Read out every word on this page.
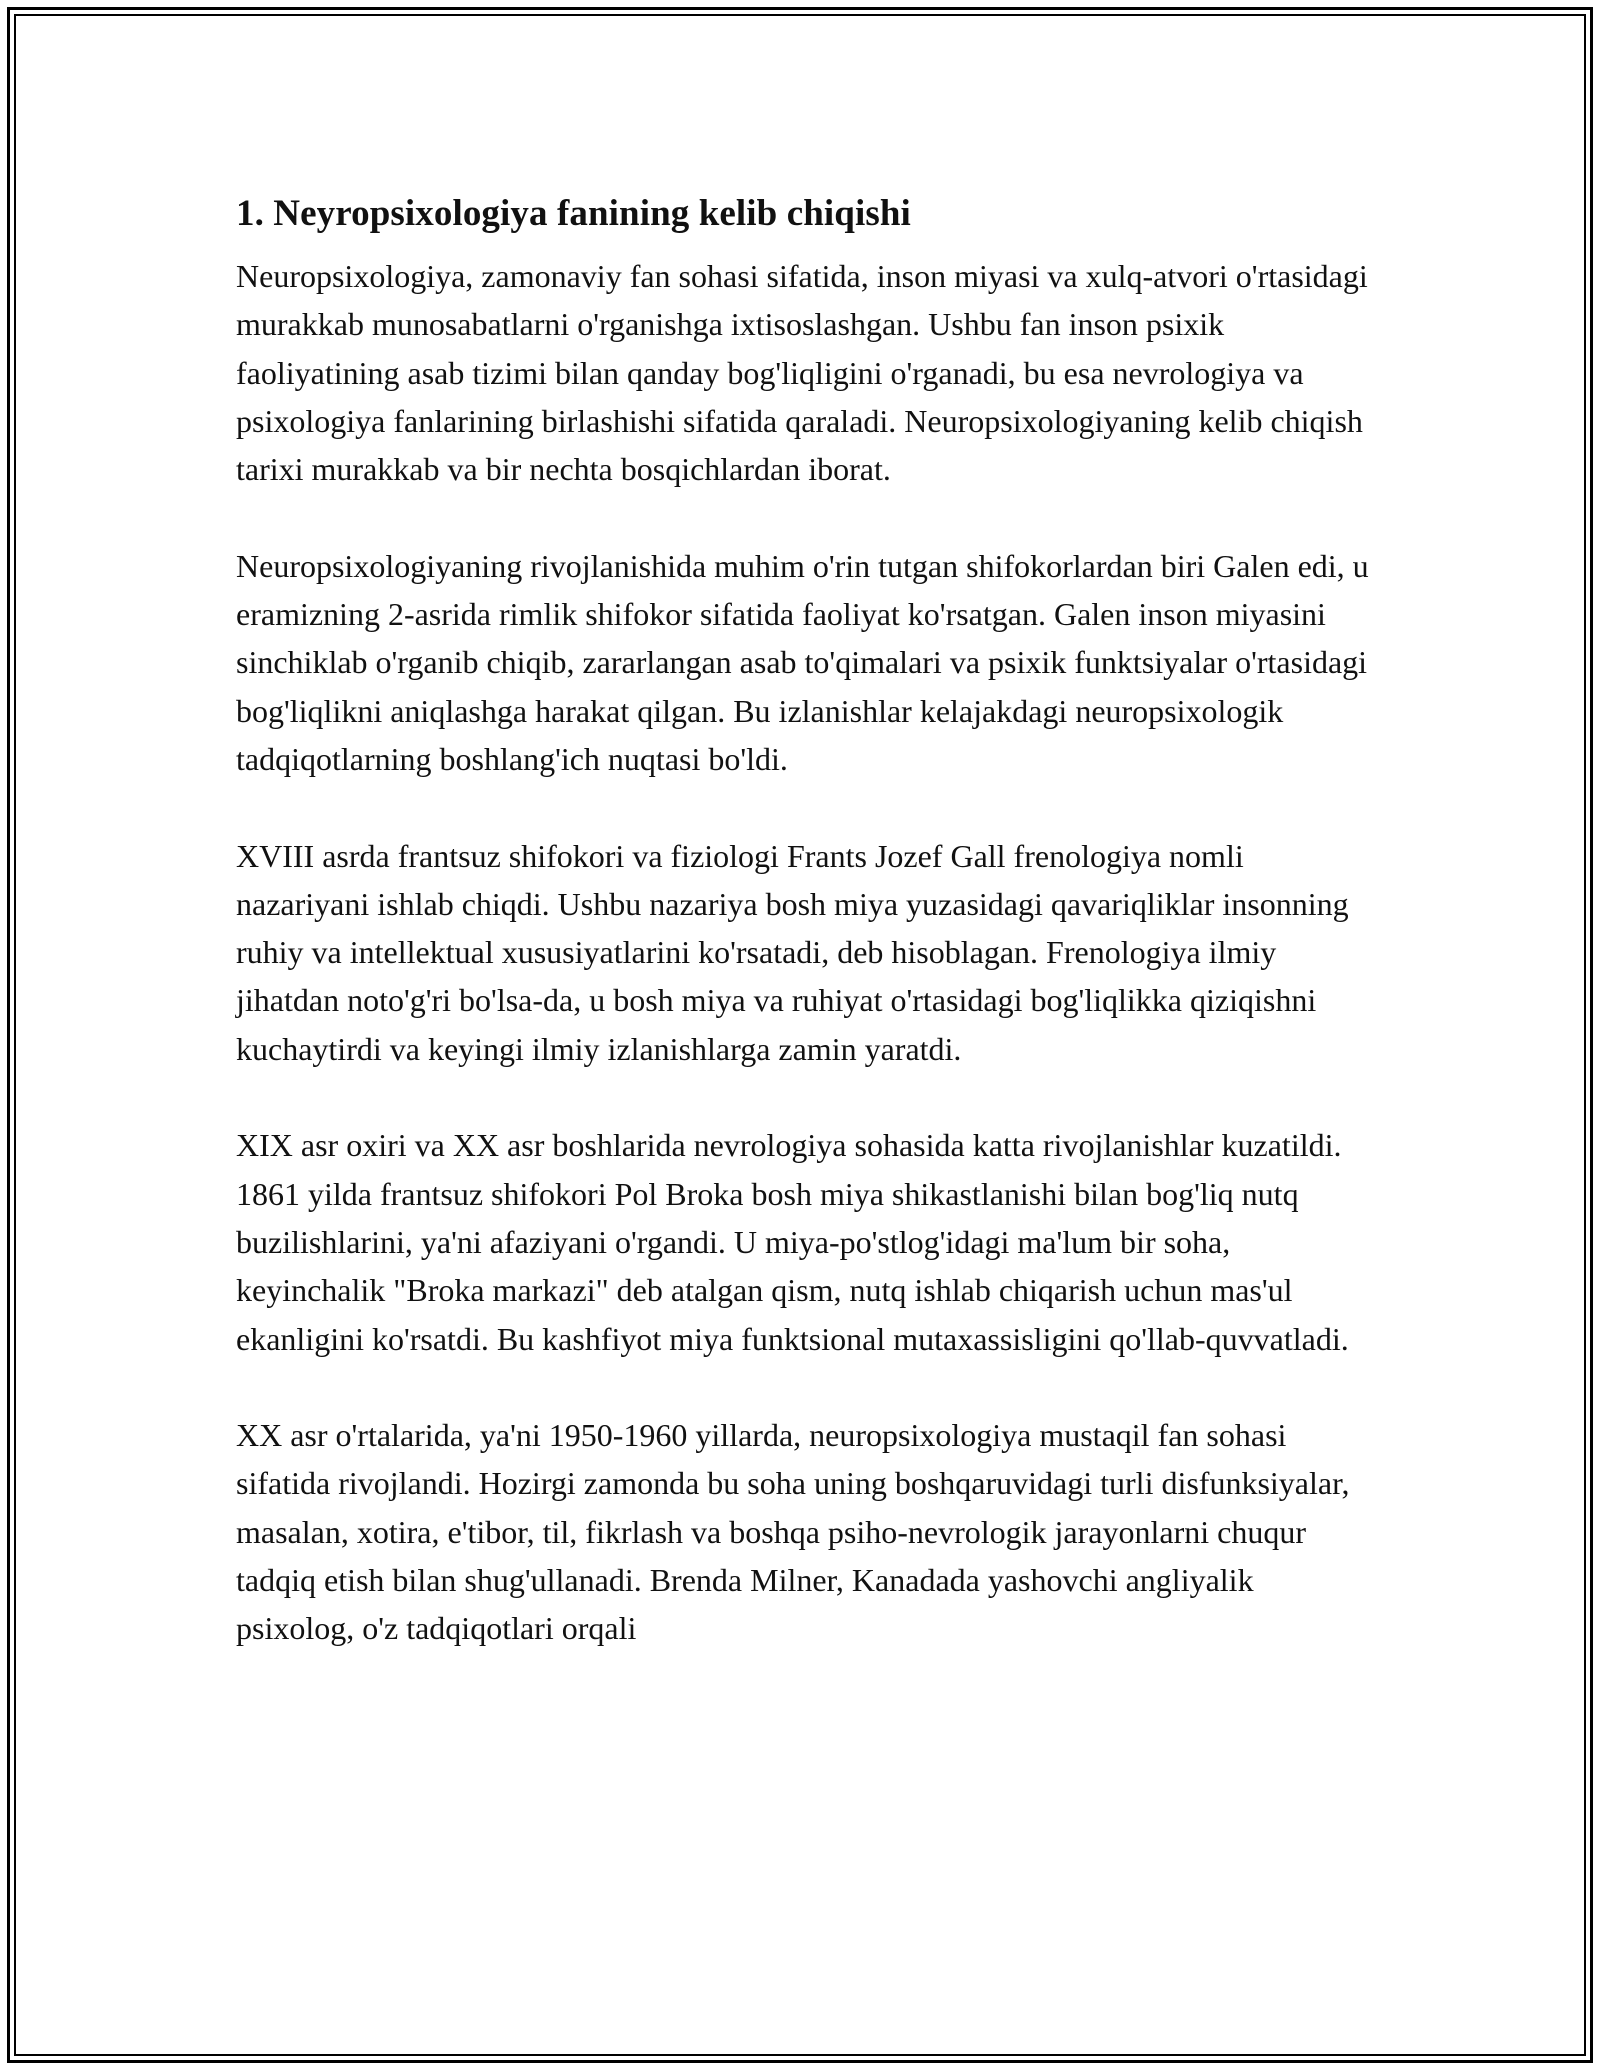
1. Neyropsixologiya fanining kelib chiqishi

Neuropsixologiya, zamonaviy fan sohasi sifatida, inson miyasi va xulq-atvori o'rtasidagi murakkab munosabatlarni o'rganishga ixtisoslashgan. Ushbu fan inson psixik faoliyatining asab tizimi bilan qanday bog'liqligini o'rganadi, bu esa nevrologiya va psixologiya fanlarining birlashishi sifatida qaraladi. Neuropsixologiyaning kelib chiqish tarixi murakkab va bir nechta bosqichlardan iborat.

Neuropsixologiyaning rivojlanishida muhim o'rin tutgan shifokorlardan biri Galen edi, u eramizning 2-asrida rimlik shifokor sifatida faoliyat ko'rsatgan. Galen inson miyasini sinchiklab o'rganib chiqib, zararlangan asab to'qimalari va psixik funktsiyalar o'rtasidagi bog'liqlikni aniqlashga harakat qilgan. Bu izlanishlar kelajakdagi neuropsixologik tadqiqotlarning boshlang'ich nuqtasi bo'ldi.

XVIII asrda frantsuz shifokori va fiziologi Frants Jozef Gall frenologiya nomli nazariyani ishlab chiqdi. Ushbu nazariya bosh miya yuzasidagi qavariqliklar insonning ruhiy va intellektual xususiyatlarini ko'rsatadi, deb hisoblagan. Frenologiya ilmiy jihatdan noto'g'ri bo'lsa-da, u bosh miya va ruhiyat o'rtasidagi bog'liqlikka qiziqishni kuchaytirdi va keyingi ilmiy izlanishlarga zamin yaratdi.

XIX asr oxiri va XX asr boshlarida nevrologiya sohasida katta rivojlanishlar kuzatildi. 1861 yilda frantsuz shifokori Pol Broka bosh miya shikastlanishi bilan bog'liq nutq buzilishlarini, ya'ni afaziyani o'rgandi. U miya-po'stlog'idagi ma'lum bir soha, keyinchalik "Broka markazi" deb atalgan qism, nutq ishlab chiqarish uchun mas'ul ekanligini ko'rsatdi. Bu kashfiyot miya funktsional mutaxassisligini qo'llab-quvvatladi.

XX asr o'rtalarida, ya'ni 1950-1960 yillarda, neuropsixologiya mustaqil fan sohasi sifatida rivojlandi. Hozirgi zamonda bu soha uning boshqaruvidagi turli disfunksiyalar, masalan, xotira, e'tibor, til, fikrlash va boshqa psiho-nevrologik jarayonlarni chuqur tadqiq etish bilan shug'ullanadi. Brenda Milner, Kanadada yashovchi angliyalik psixolog, o'z tadqiqotlari orqali
